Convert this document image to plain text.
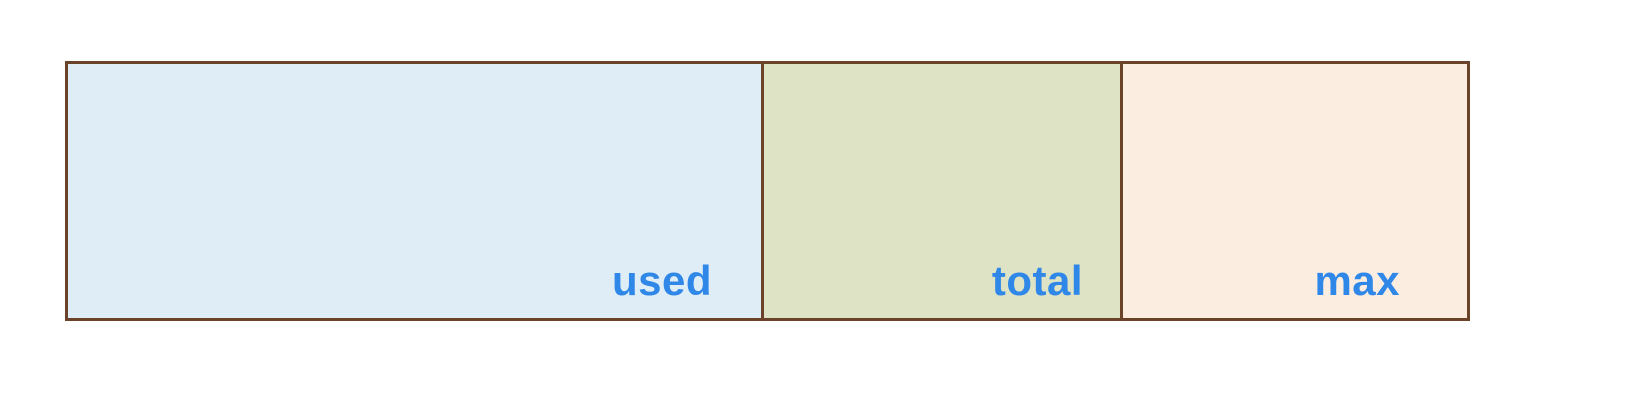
used	total	max
